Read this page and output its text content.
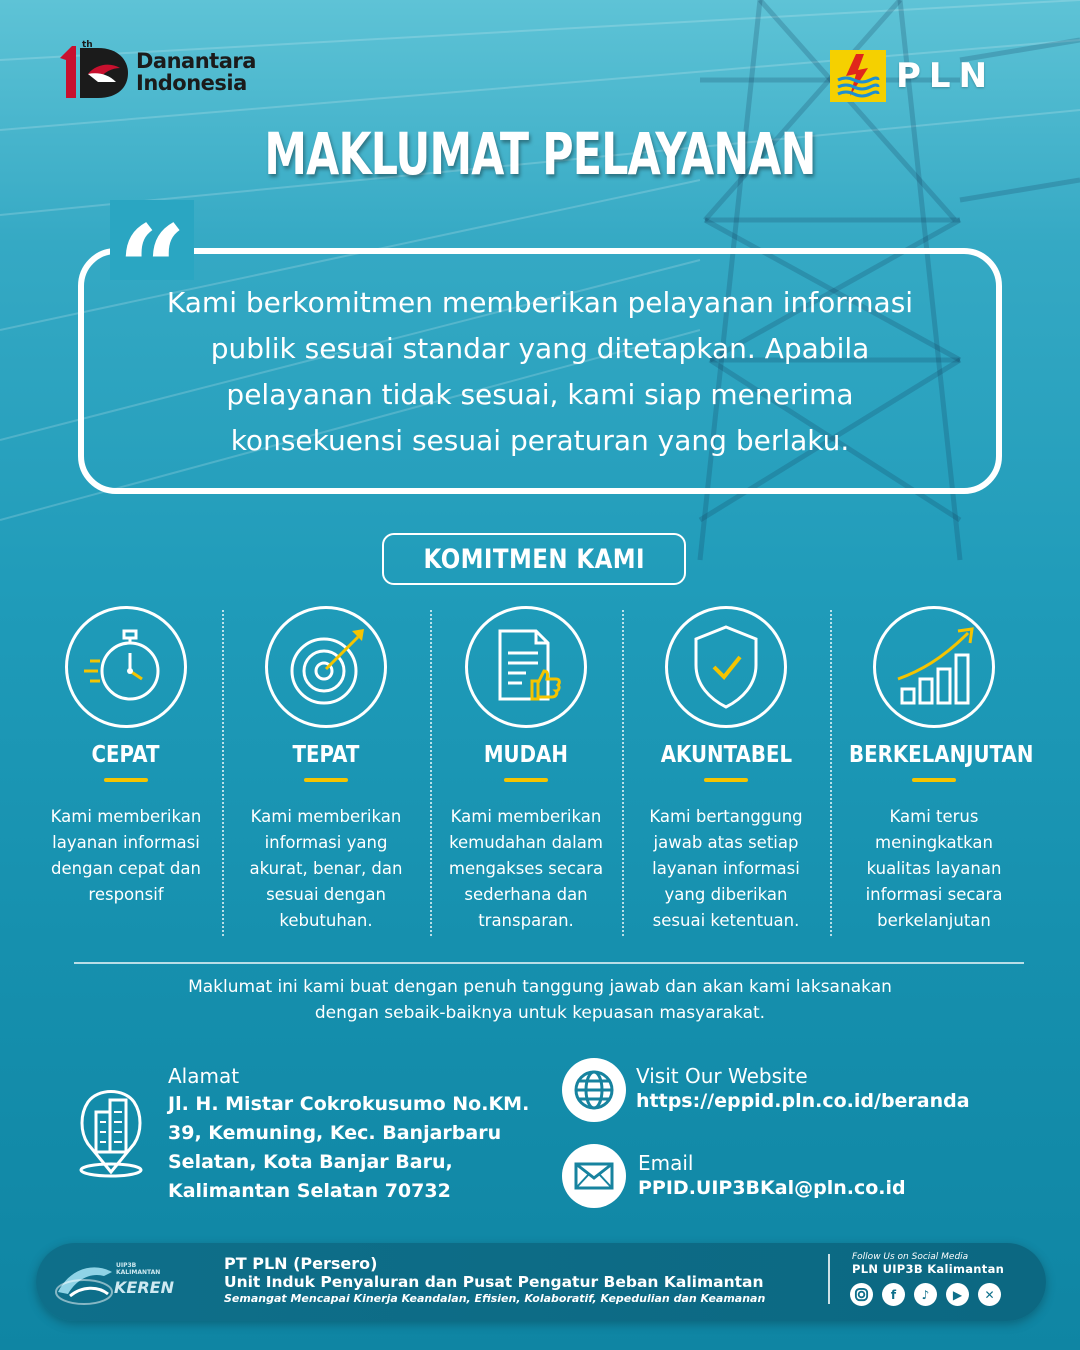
th
Danantara
Indonesia	PLN
MAKLUMAT PELAYANAN
“
Kami berkomitmen memberikan pelayanan informasi
publik sesuai standar yang ditetapkan. Apabila
pelayanan tidak sesuai, kami siap menerima
konsekuensi sesuai peraturan yang berlaku.
KOMITMEN KAMI
CEPAT
Kami memberikan
layanan informasi
dengan cepat dan
responsif
TEPAT
Kami memberikan
informasi yang
akurat, benar, dan
sesuai dengan
kebutuhan.
MUDAH
Kami memberikan
kemudahan dalam
mengakses secara
sederhana dan
transparan.
AKUNTABEL
Kami bertanggung
jawab atas setiap
layanan informasi
yang diberikan
sesuai ketentuan.
BERKELANJUTAN
Kami terus
meningkatkan
kualitas layanan
informasi secara
berkelanjutan
Maklumat ini kami buat dengan penuh tanggung jawab dan akan kami laksanakan
dengan sebaik-baiknya untuk kepuasan masyarakat.
Alamat
Jl. H. Mistar Cokrokusumo No.KM.
39, Kemuning, Kec. Banjarbaru
Selatan, Kota Banjar Baru,
Kalimantan Selatan 70732
Visit Our Website
https://eppid.pln.co.id/beranda
Email
PPID.UIP3BKal@pln.co.id
UIP3B KALIMANTAN
KEREN
PT PLN (Persero)
Unit Induk Penyaluran dan Pusat Pengatur Beban Kalimantan
Semangat Mencapai Kinerja Keandalan, Efisien, Kolaboratif, Kepedulian dan Keamanan
Follow Us on Social Media
PLN UIP3B Kalimantan
f	♪	▶	✕
